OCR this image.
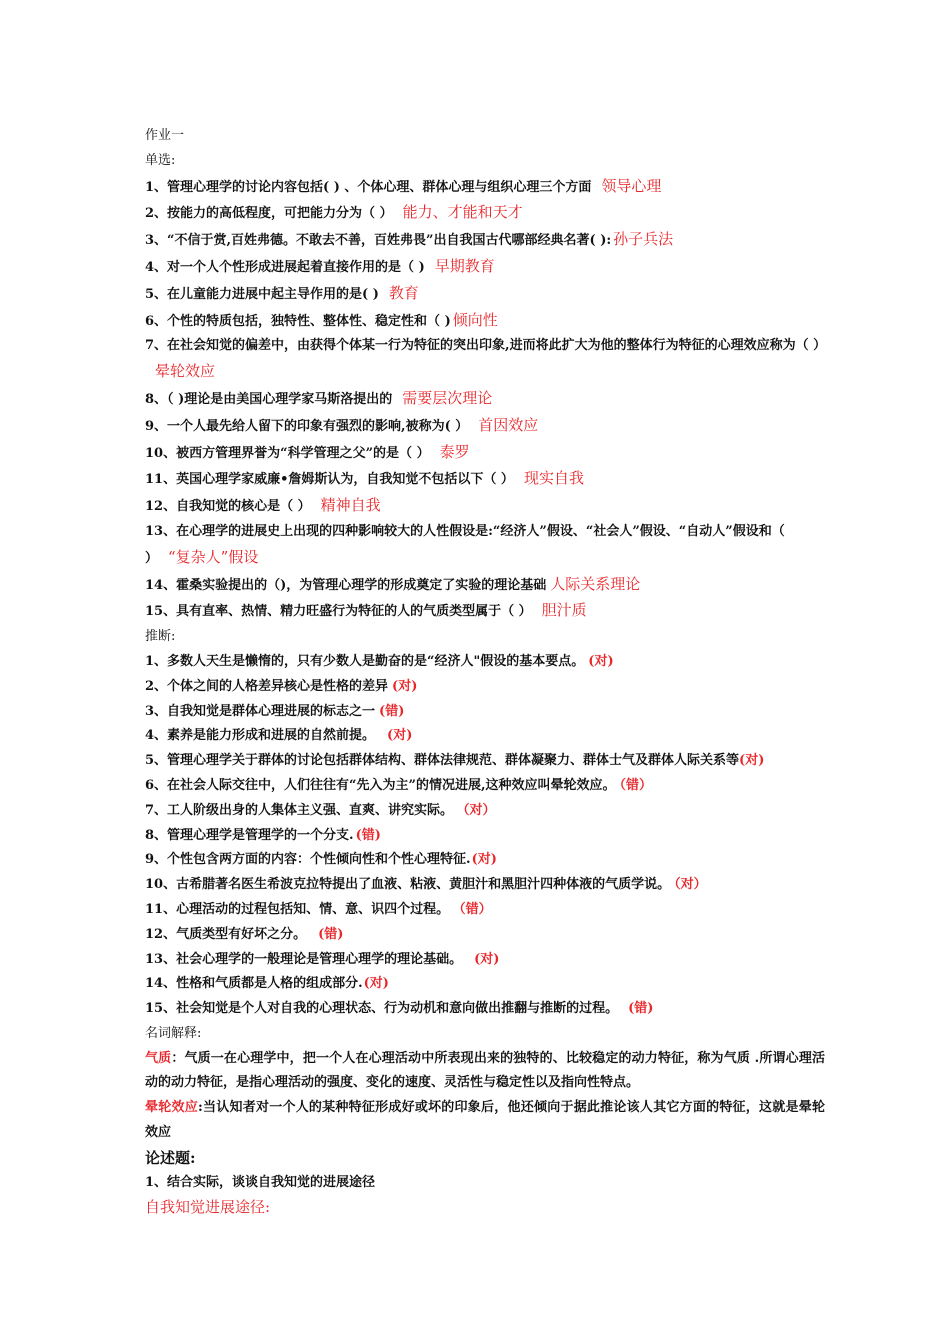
作业一
单选:
1、管理心理学的讨论内容包括( ) 、个体心理、群体心理与组织心理三个方面 领导心理
2、按能力的高低程度，可把能力分为（ ） 能力、才能和天才
3、“不信于赏,百姓弗德。不敢去不善，百姓弗畏”出自我国古代哪部经典名著( ): 孙子兵法
4、对一个人个性形成进展起着直接作用的是（ ) 早期教育
5、在儿童能力进展中起主导作用的是( ) 教育
6、个性的特质包括，独特性、整体性、稳定性和（ ) 倾向性
7、在社会知觉的偏差中，由获得个体某一行为特征的突出印象,进而将此扩大为他的整体行为特征的心理效应称为（ ）晕轮效应
8、（ )理论是由美国心理学家马斯洛提出的 需要层次理论
9、一个人最先给人留下的印象有强烈的影响,被称为( ） 首因效应
10、被西方管理界誉为“科学管理之父”的是（ ） 泰罗
11、英国心理学家威廉•詹姆斯认为，自我知觉不包括以下（ ） 现实自我
12、自我知觉的核心是（ ） 精神自我
13、在心理学的进展史上出现的四种影响较大的人性假设是:“经济人”假设、“社会人”假设、“自动人”假设和（ ） “复杂人”假设
14、霍桑实验提出的（)，为管理心理学的形成奠定了实验的理论基础 人际关系理论
15、具有直率、热情、精力旺盛行为特征的人的气质类型属于（ ） 胆汁质
推断:
1、多数人天生是懒惰的，只有少数人是勤奋的是“经济人"假设的基本要点。 (对)
2、个体之间的人格差异核心是性格的差异 (对)
3、自我知觉是群体心理进展的标志之一 (错)
4、素养是能力形成和进展的自然前提。 (对)
5、管理心理学关于群体的讨论包括群体结构、群体法律规范、群体凝聚力、群体士气及群体人际关系等(对)
6、在社会人际交往中，人们往往有“先入为主”的情况进展,这种效应叫晕轮效应。 （错）
7、工人阶级出身的人集体主义强、直爽、讲究实际。 （对）
8、管理心理学是管理学的一个分支. (错)
9、个性包含两方面的内容：个性倾向性和个性心理特征.(对)
10、古希腊著名医生希波克拉特提出了血液、粘液、黄胆汁和黑胆汁四种体液的气质学说。 （对）
11、心理活动的过程包括知、情、意、识四个过程。 （错）
12、气质类型有好坏之分。 (错)
13、社会心理学的一般理论是管理心理学的理论基础。 (对)
14、性格和气质都是人格的组成部分.(对)
15、社会知觉是个人对自我的心理状态、行为动机和意向做出推翻与推断的过程。 (错)
名词解释:
气质：气质一在心理学中，把一个人在心理活动中所表现出来的独特的、比较稳定的动力特征，称为气质 .所谓心理活动的动力特征，是指心理活动的强度、变化的速度、灵活性与稳定性以及指向性特点。
晕轮效应:当认知者对一个人的某种特征形成好或坏的印象后，他还倾向于据此推论该人其它方面的特征，这就是晕轮效应
论述题:
1、结合实际，谈谈自我知觉的进展途径
自我知觉进展途径:
